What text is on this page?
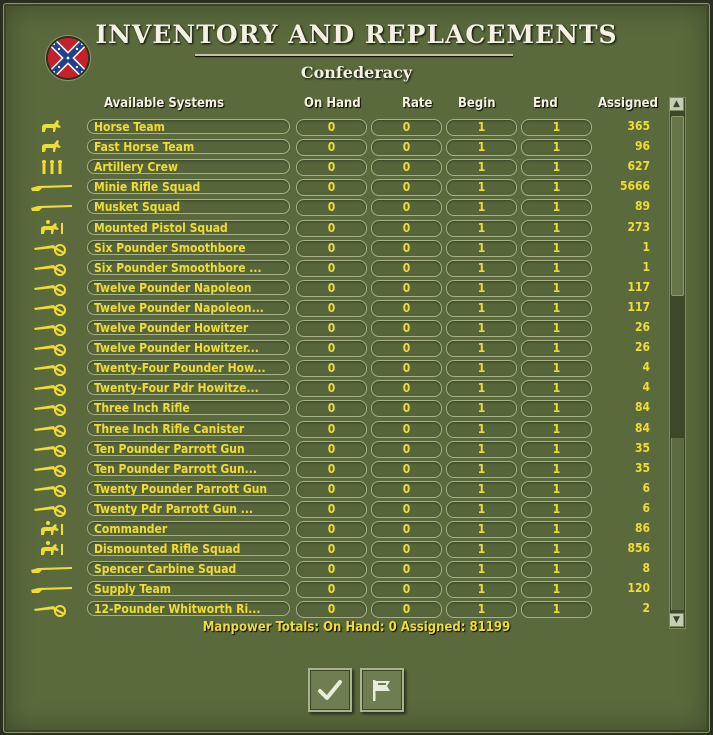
INVENTORY AND REPLACEMENTS
Confederacy
Available Systems	On Hand	Rate Begin	End	Assigned
Horse Team	0	0	1	1	365
Fast Horse Team	0	0	1	1	96
Artillery Crew	0	0	1	1	627
Minie Rifle Squad	0	0	1	1	5666
Musket Squad	0	0	1	1	89
Mounted Pistol Squad	0	0	1	1	273
Six Pounder Smoothbore	0	0	1	1	1
Six Pounder Smoothbore ...	0	0	1	1	1
Twelve Pounder Napoleon	0	0	1	1	117
Twelve Pounder Napoleon...	0	0	1	1	117
Twelve Pounder Howitzer	0	0	1	1	26
Twelve Pounder Howitzer...	0	0	1	1	26
Twenty-Four Pounder How...	0	0	1	1	4
Twenty-Four Pdr Howitze...	0	0	1	1	4
Three Inch Rifle	0	0	1	1	84
Three Inch Rifle Canister	0	0	1	1	84
Ten Pounder Parrott Gun	0	0	1	1	35
Ten Pounder Parrott Gun...	0	0	1	1	35
Twenty Pounder Parrott Gun	0	0	1	1	6
Twenty Pdr Parrott Gun ...	0	0	1	1	6
Commander	0	0	1	1	86
Dismounted Rifle Squad	0	0	1	1	856
Spencer Carbine Squad	0	0	1	1	8
Supply Team	0	0	1	1	120
12-Pounder Whitworth Ri...	0	0	1	1	2
▲
▼
Manpower Totals: On Hand: 0 Assigned: 81199
